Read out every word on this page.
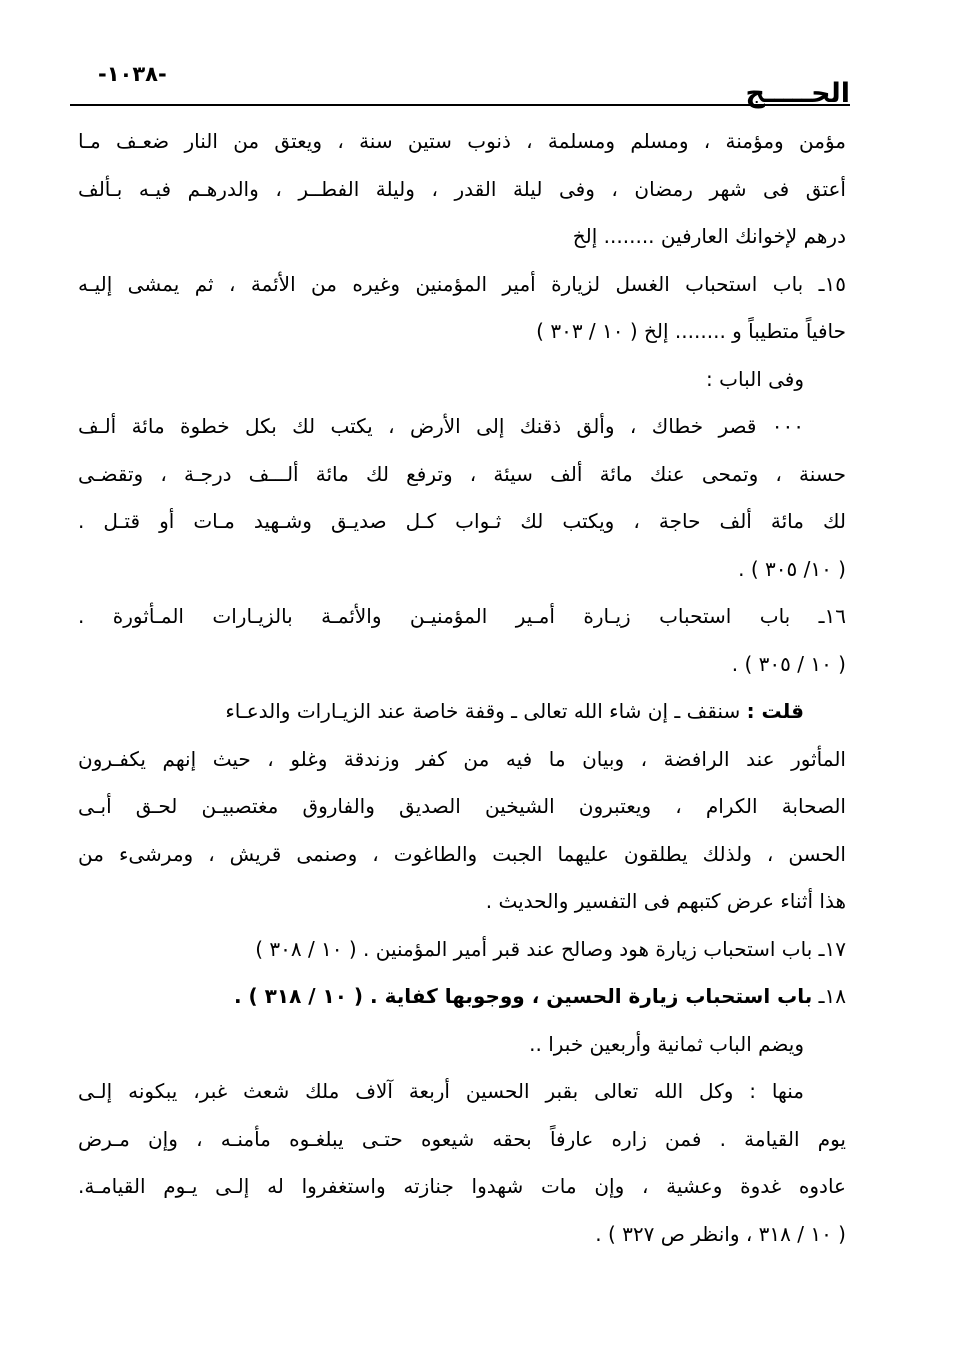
-١٠٣٨-
الحـــــج
مؤمن ومؤمنة ، ومسلم ومسلمة ، ذنوب ستين سنة ، ويعتق من النار ضعـف مـا
أعتق فى شهر رمضان ، وفى ليلة القدر ، وليلة الفطــر ، والدرهـم فيـه بـألف
درهم لإخوانك العارفين ........ إلخ
١٥ـ باب استحباب الغسل لزيارة أمير المؤمنين وغيره من الأئمة ، ثم يمشى إليـه
حافياً متطيباً و ........ إلخ ( ١٠ / ٣٠٣ )
وفى الباب :
٠٠٠ قصر خطاك ، وألق ذقنك إلى الأرض ، يكتب لك بكل خطوة مائة ألـف
حسنة ، وتمحى عنك مائة ألف سيئة ، وترفع لك مائة ألـــف درجـة ، وتقضـى
لك مائة ألف حاجة ، ويكتب لك ثـواب كـل صديـق وشـهيد مـات أو قتـل .
( ١٠/ ٣٠٥ ) .
١٦ـ باب استحباب زيـارة أمـير المؤمنيـن والأئمـة بالزيـارات المـأثورة .
( ١٠ / ٣٠٥ ) .
قلت : سنقف ـ إن شاء الله تعالى ـ وقفة خاصة عند الزيـارات والدعـاء
المأثور عند الرافضة ، وبيان ما فيه من كفر وزندقة وغلو ، حيث إنهم يكفـرون
الصحابة الكرام ، ويعتبرون الشيخين الصديق والفاروق مغتصبيـن لحـق أبـى
الحسن ، ولذلك يطلقون عليهما الجبت والطاغوت ، وصنمى قريش ، ومرشىء من
هذا أثناء عرض كتبهم فى التفسير والحديث .
١٧ـ باب استحباب زيارة هود وصالح عند قبر أمير المؤمنين . ( ١٠ / ٣٠٨ )
١٨ـ باب استحباب زيارة الحسين ، ووجوبها كفاية . ( ١٠ / ٣١٨ ) .
ويضم الباب ثمانية وأربعين خبرا ..
منها : وكل الله تعالى بقبر الحسين أربعة آلاف ملك شعث غبر، يبكونه إلـى
يوم القيامة . فمن زاره عارفاً بحقه شيعوه حتـى يبلغـوه مأمنـه ، وإن مـرض
عادوه غدوة وعشية ، وإن مات شهدوا جنازته واستغفروا له إلـى يـوم القيامـة.
( ١٠ / ٣١٨ ، وانظر ص ٣٢٧ ) .
